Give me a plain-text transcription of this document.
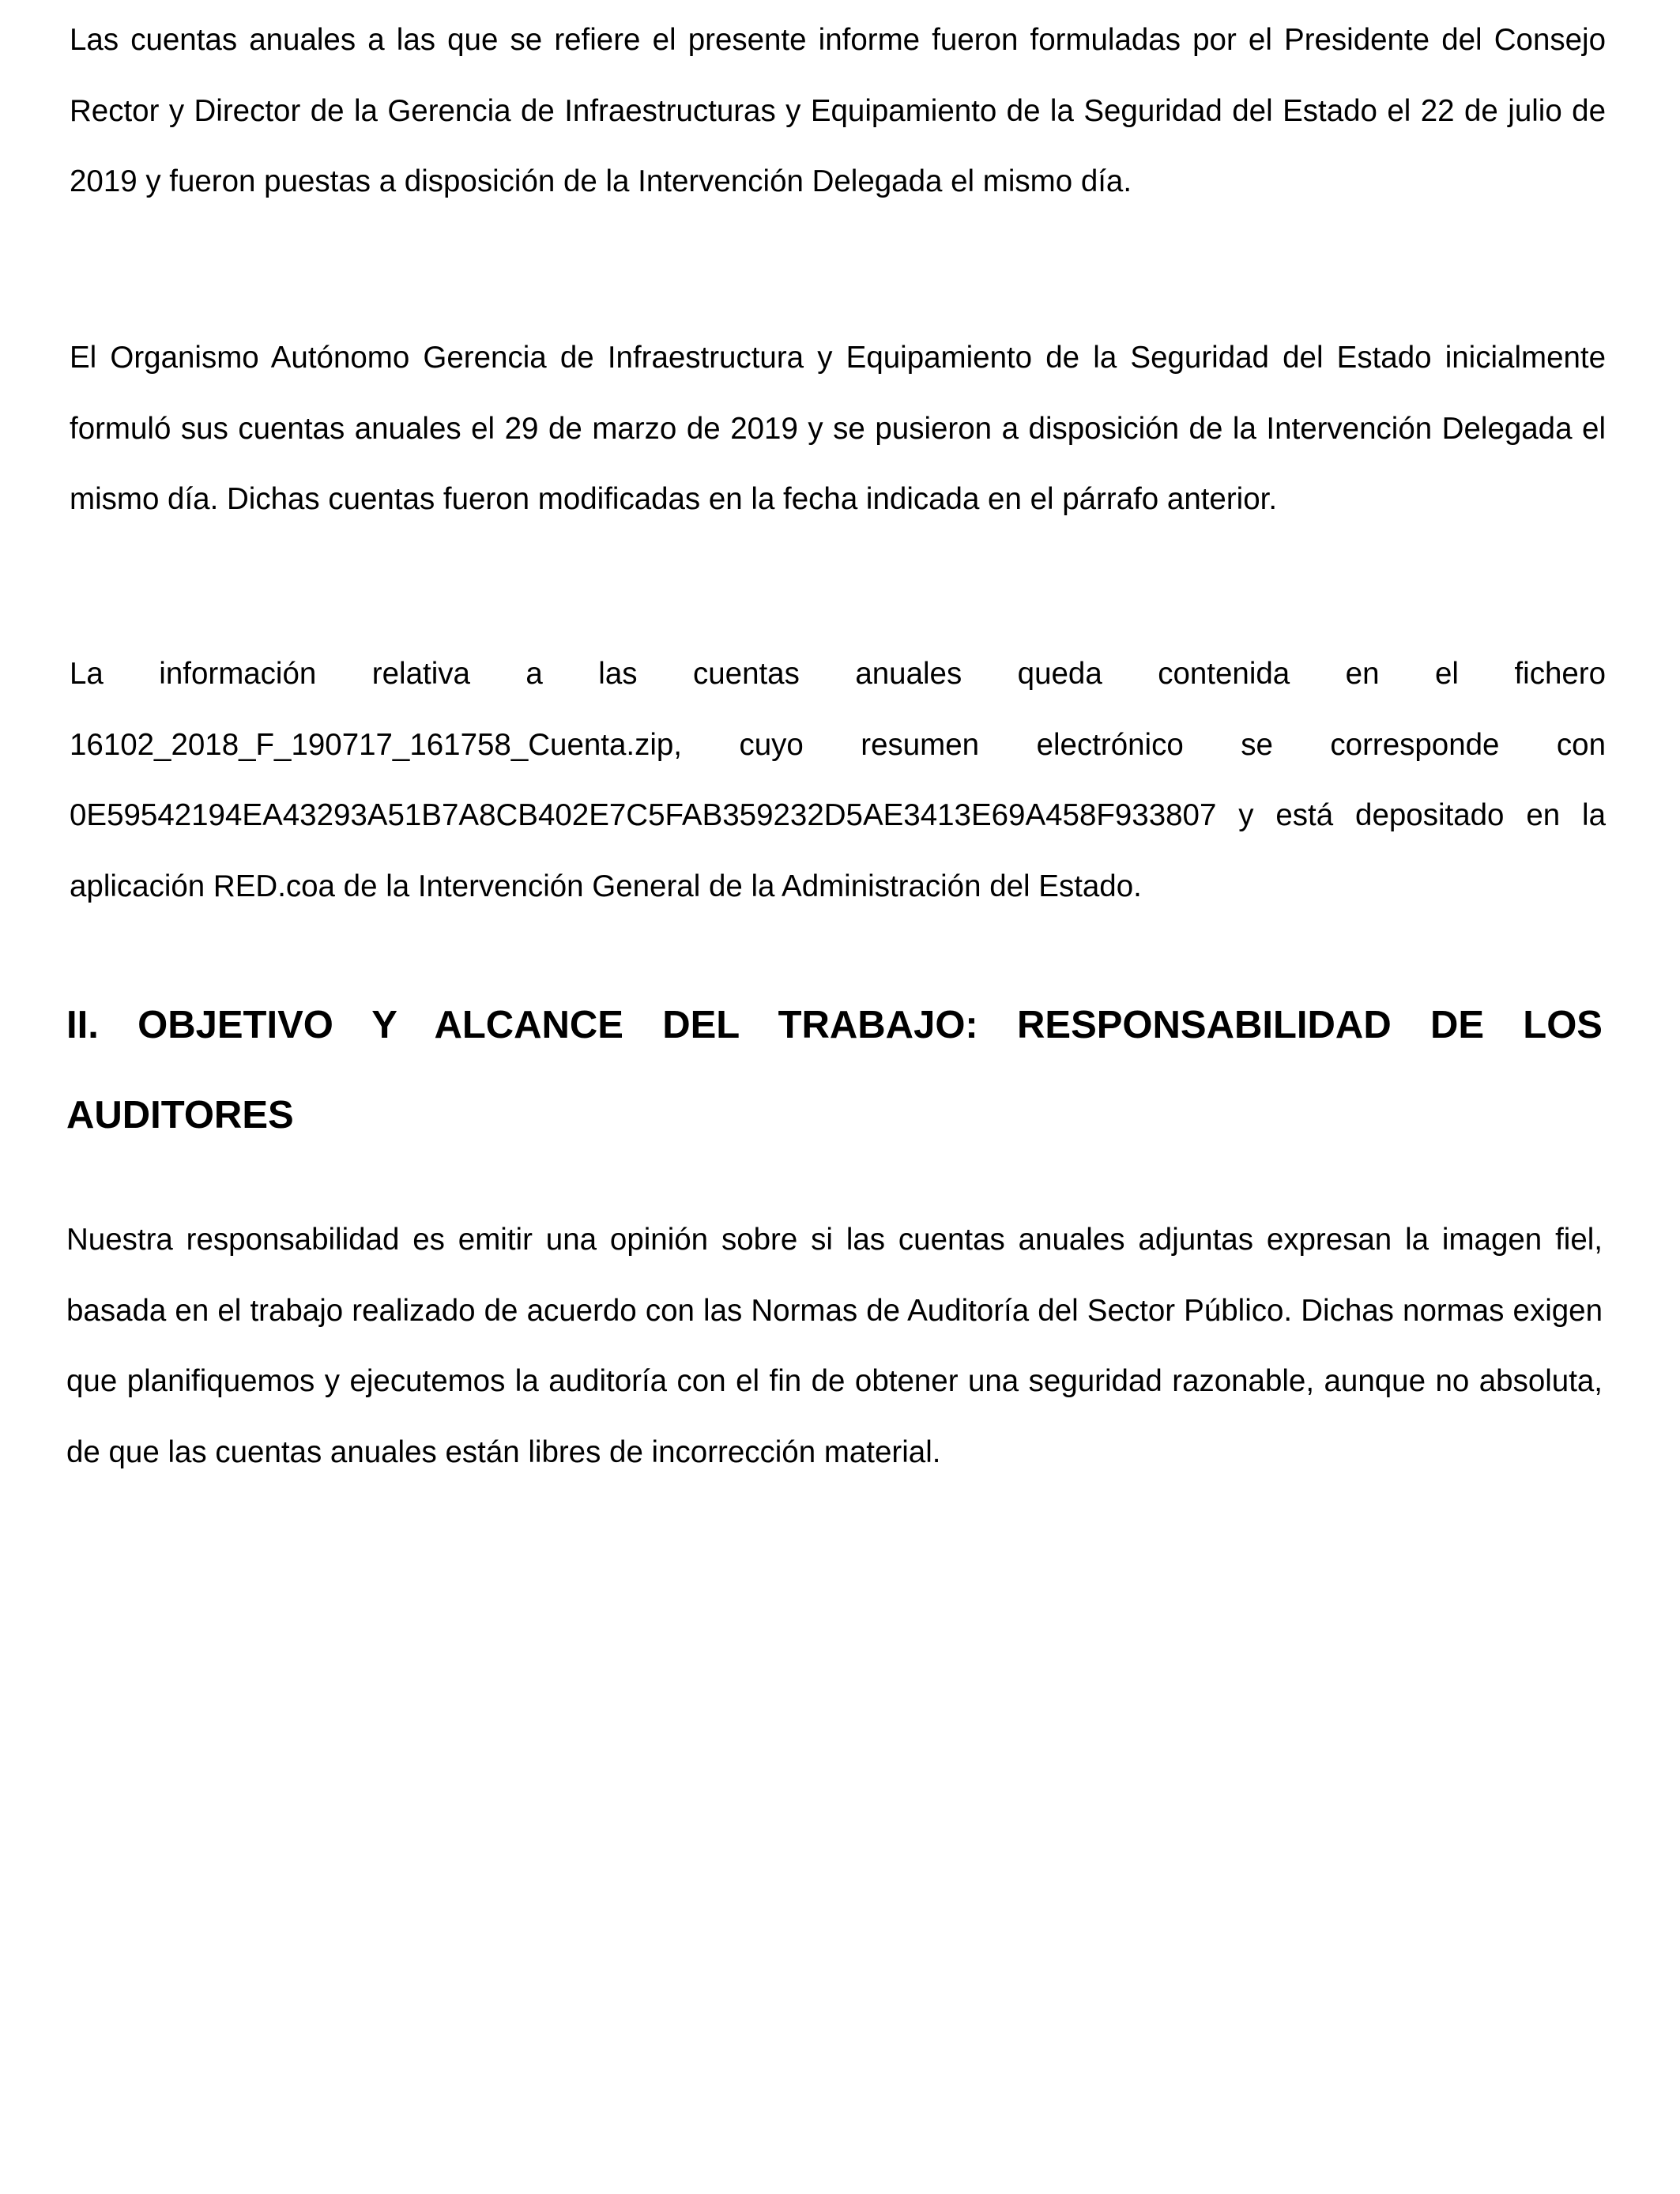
Las cuentas anuales a las que se refiere el presente informe fueron formuladas por el Presidente del Consejo Rector y Director de la Gerencia de Infraestructuras y Equipamiento de la Seguridad del Estado el 22 de julio de 2019 y fueron puestas a disposición de la Intervención Delegada el mismo día.

El Organismo Autónomo Gerencia de Infraestructura y Equipamiento de la Seguridad del Estado inicialmente formuló sus cuentas anuales el 29 de marzo de 2019 y se pusieron a disposición de la Intervención Delegada el mismo día. Dichas cuentas fueron modificadas en la fecha indicada en el párrafo anterior.

La información relativa a las cuentas anuales queda contenida en el fichero 16102_2018_F_190717_161758_Cuenta.zip, cuyo resumen electrónico se corresponde con 0E59542194EA43293A51B7A8CB402E7C5FAB359232D5AE3413E69A458F933807 y está depositado en la aplicación RED.coa de la Intervención General de la Administración del Estado.

II. OBJETIVO Y ALCANCE DEL TRABAJO: RESPONSABILIDAD DE LOS AUDITORES

Nuestra responsabilidad es emitir una opinión sobre si las cuentas anuales adjuntas expresan la imagen fiel, basada en el trabajo realizado de acuerdo con las Normas de Auditoría del Sector Público. Dichas normas exigen que planifiquemos y ejecutemos la auditoría con el fin de obtener una seguridad razonable, aunque no absoluta, de que las cuentas anuales están libres de incorrección material.
